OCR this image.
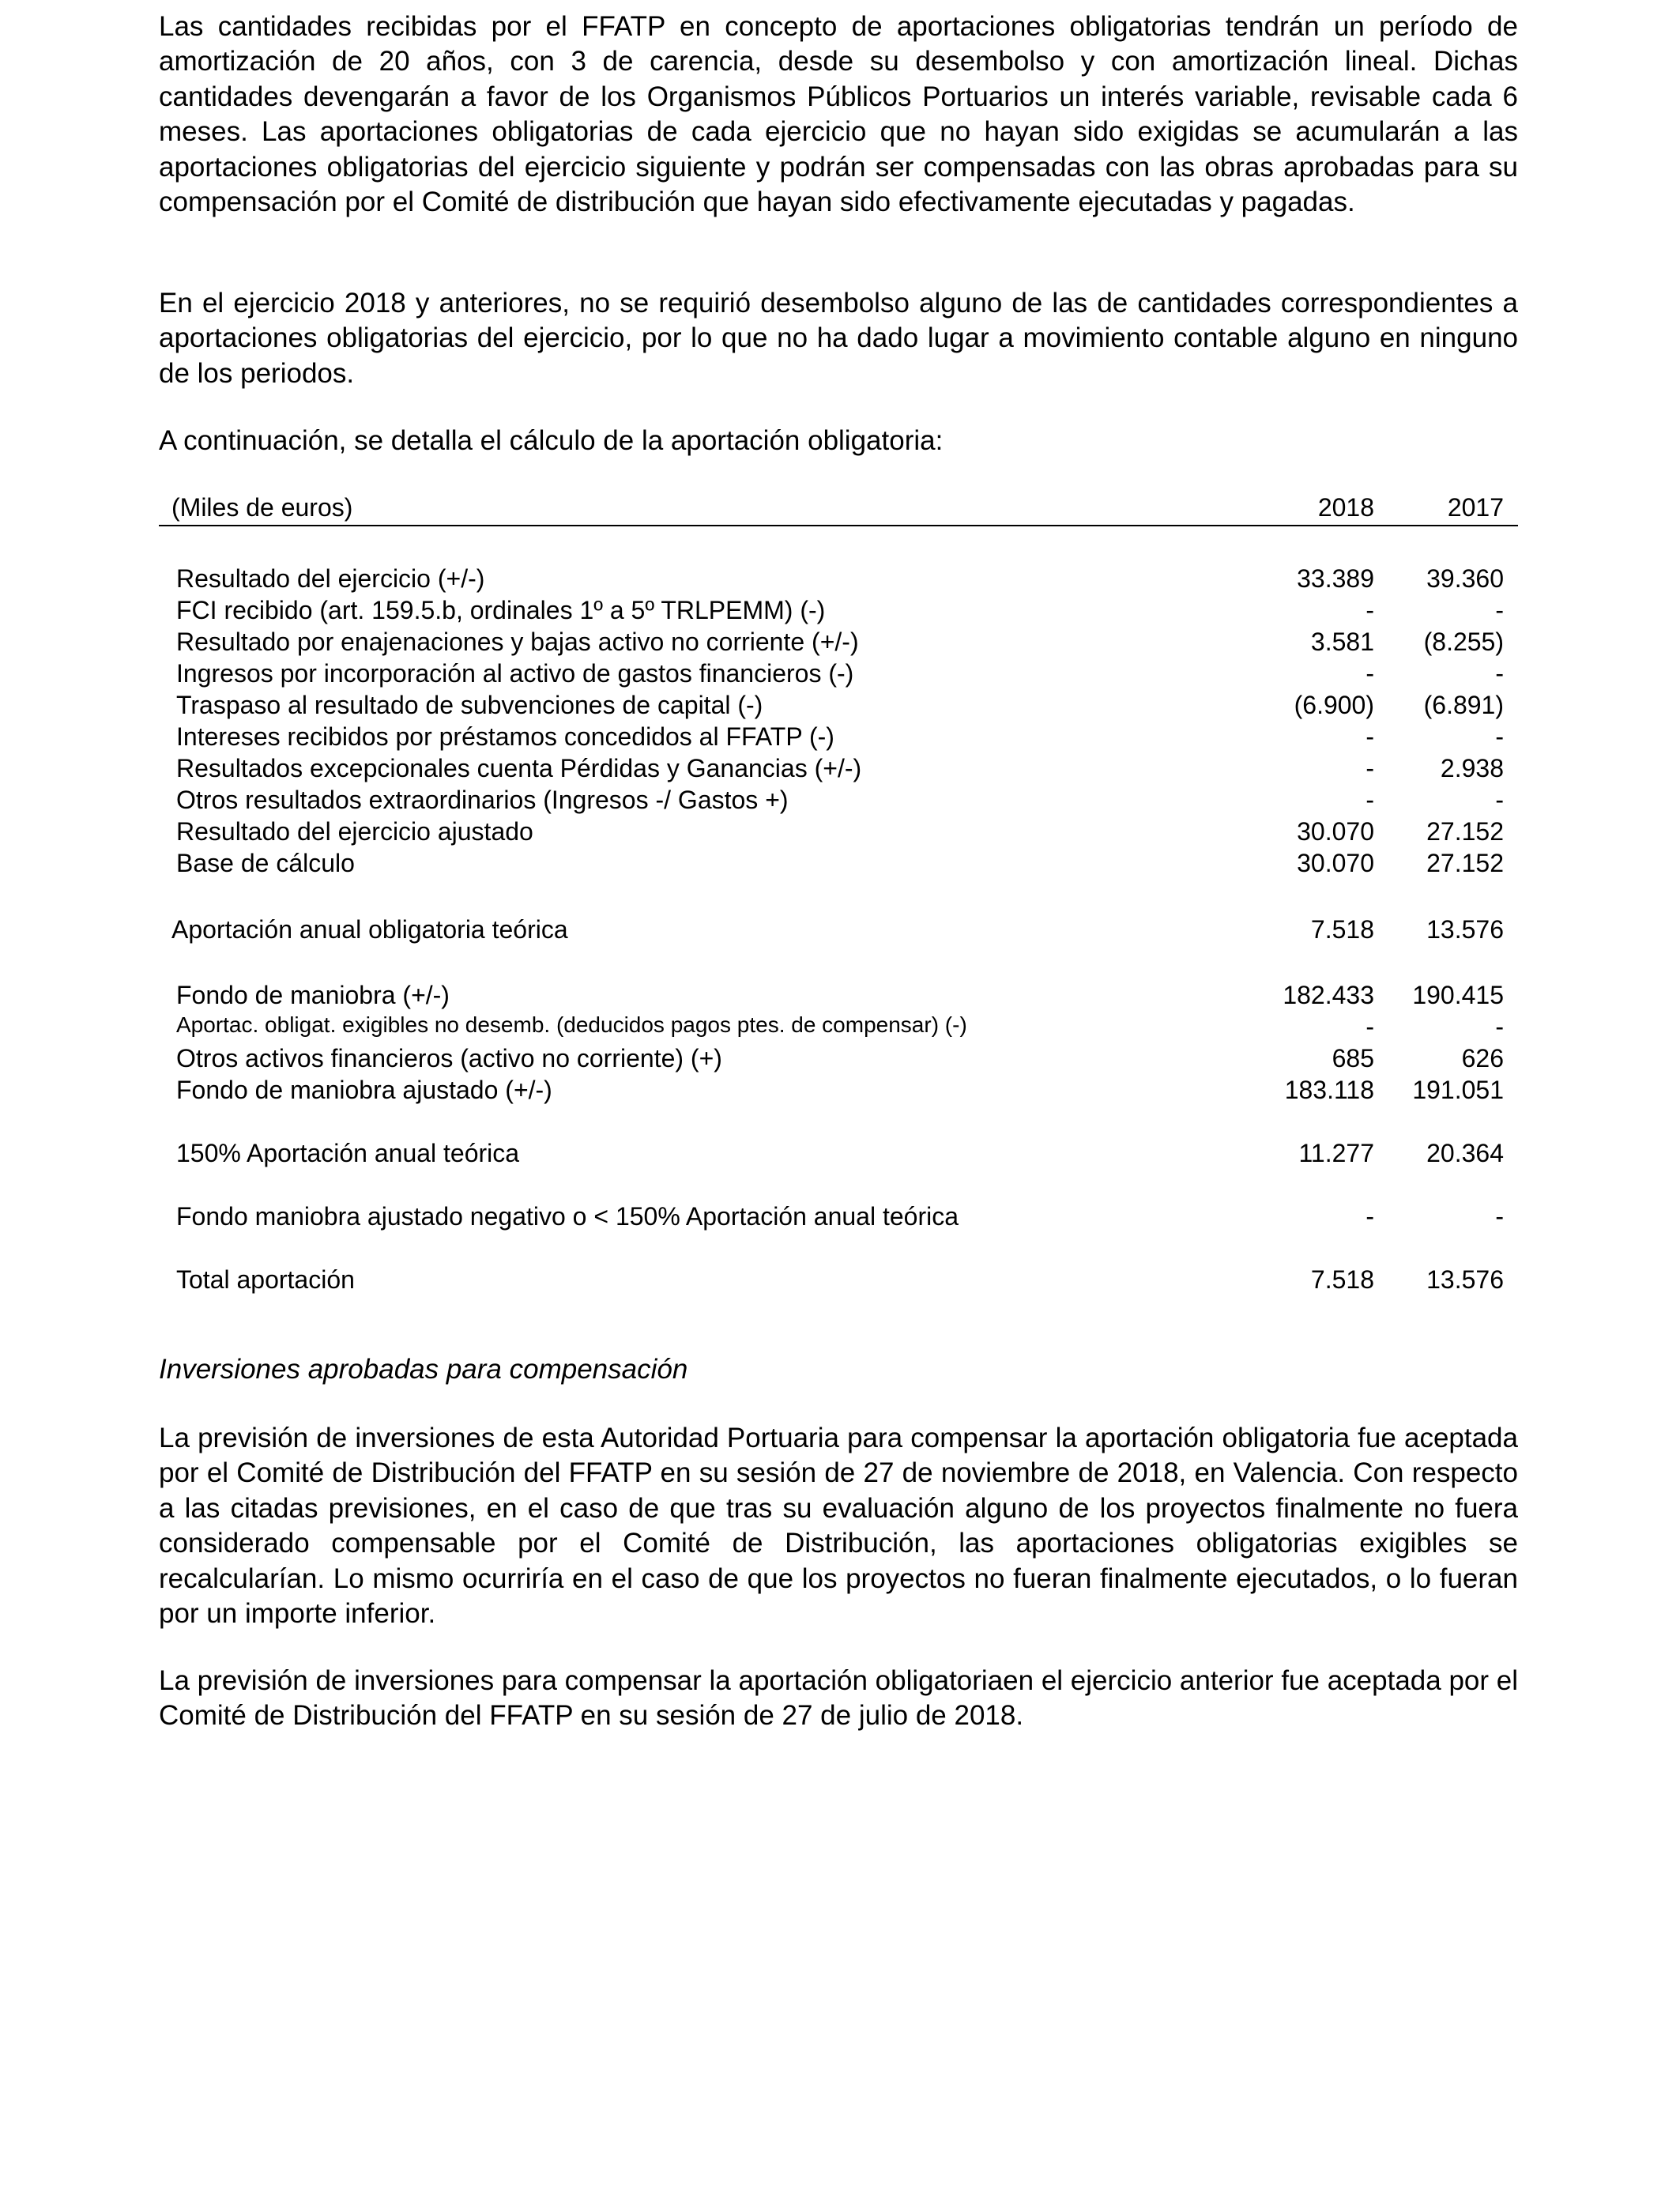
Las cantidades recibidas por el FFATP en concepto de aportaciones obligatorias tendrán un período de amortización de 20 años, con 3 de carencia, desde su desembolso y con amortización lineal. Dichas cantidades devengarán a favor de los Organismos Públicos Portuarios un interés variable, revisable cada 6 meses. Las aportaciones obligatorias de cada ejercicio que no hayan sido exigidas se acumularán a las aportaciones obligatorias del ejercicio siguiente y podrán ser compensadas con las obras aprobadas para su compensación por el Comité de distribución que hayan sido efectivamente ejecutadas y pagadas.

En el ejercicio 2018 y anteriores, no se requirió desembolso alguno de las de cantidades correspondientes a aportaciones obligatorias del ejercicio, por lo que no ha dado lugar a movimiento contable alguno en ninguno de los periodos.

A continuación, se detalla el cálculo de la aportación obligatoria:

(Miles de euros)	2018	2017
Resultado del ejercicio (+/-)	33.389 39.360
FCI recibido (art. 159.5.b, ordinales 1º a 5º TRLPEMM) (-)	-	-
Resultado por enajenaciones y bajas activo no corriente (+/-)	3.581 (8.255)
Ingresos por incorporación al activo de gastos financieros (-)	-	-
Traspaso al resultado de subvenciones de capital (-)	(6.900) (6.891)
Intereses recibidos por préstamos concedidos al FFATP (-)	-	-
Resultados excepcionales cuenta Pérdidas y Ganancias (+/-)	-	2.938
Otros resultados extraordinarios (Ingresos -/ Gastos +)	-	-
Resultado del ejercicio ajustado	30.070 27.152
Base de cálculo	30.070 27.152
Aportación anual obligatoria teórica	7.518 13.576
Fondo de maniobra (+/-)	182.433 190.415
Aportac. obligat. exigibles no desemb. (deducidos pagos ptes. de compensar) (-)	-	-
Otros activos financieros (activo no corriente) (+)	685	626
Fondo de maniobra ajustado (+/-)	183.118 191.051
150% Aportación anual teórica	11.277 20.364
Fondo maniobra ajustado negativo o < 150% Aportación anual teórica	-	-
Total aportación	7.518 13.576

Inversiones aprobadas para compensación

La previsión de inversiones de esta Autoridad Portuaria para compensar la aportación obligatoria fue aceptada por el Comité de Distribución del FFATP en su sesión de 27 de noviembre de 2018, en Valencia. Con respecto a las citadas previsiones, en el caso de que tras su evaluación alguno de los proyectos finalmente no fuera considerado compensable por el Comité de Distribución, las aportaciones obligatorias exigibles se recalcularían. Lo mismo ocurriría en el caso de que los proyectos no fueran finalmente ejecutados, o lo fueran por un importe inferior.

La previsión de inversiones para compensar la aportación obligatoriaen el ejercicio anterior fue aceptada por el Comité de Distribución del FFATP en su sesión de 27 de julio de 2018.
